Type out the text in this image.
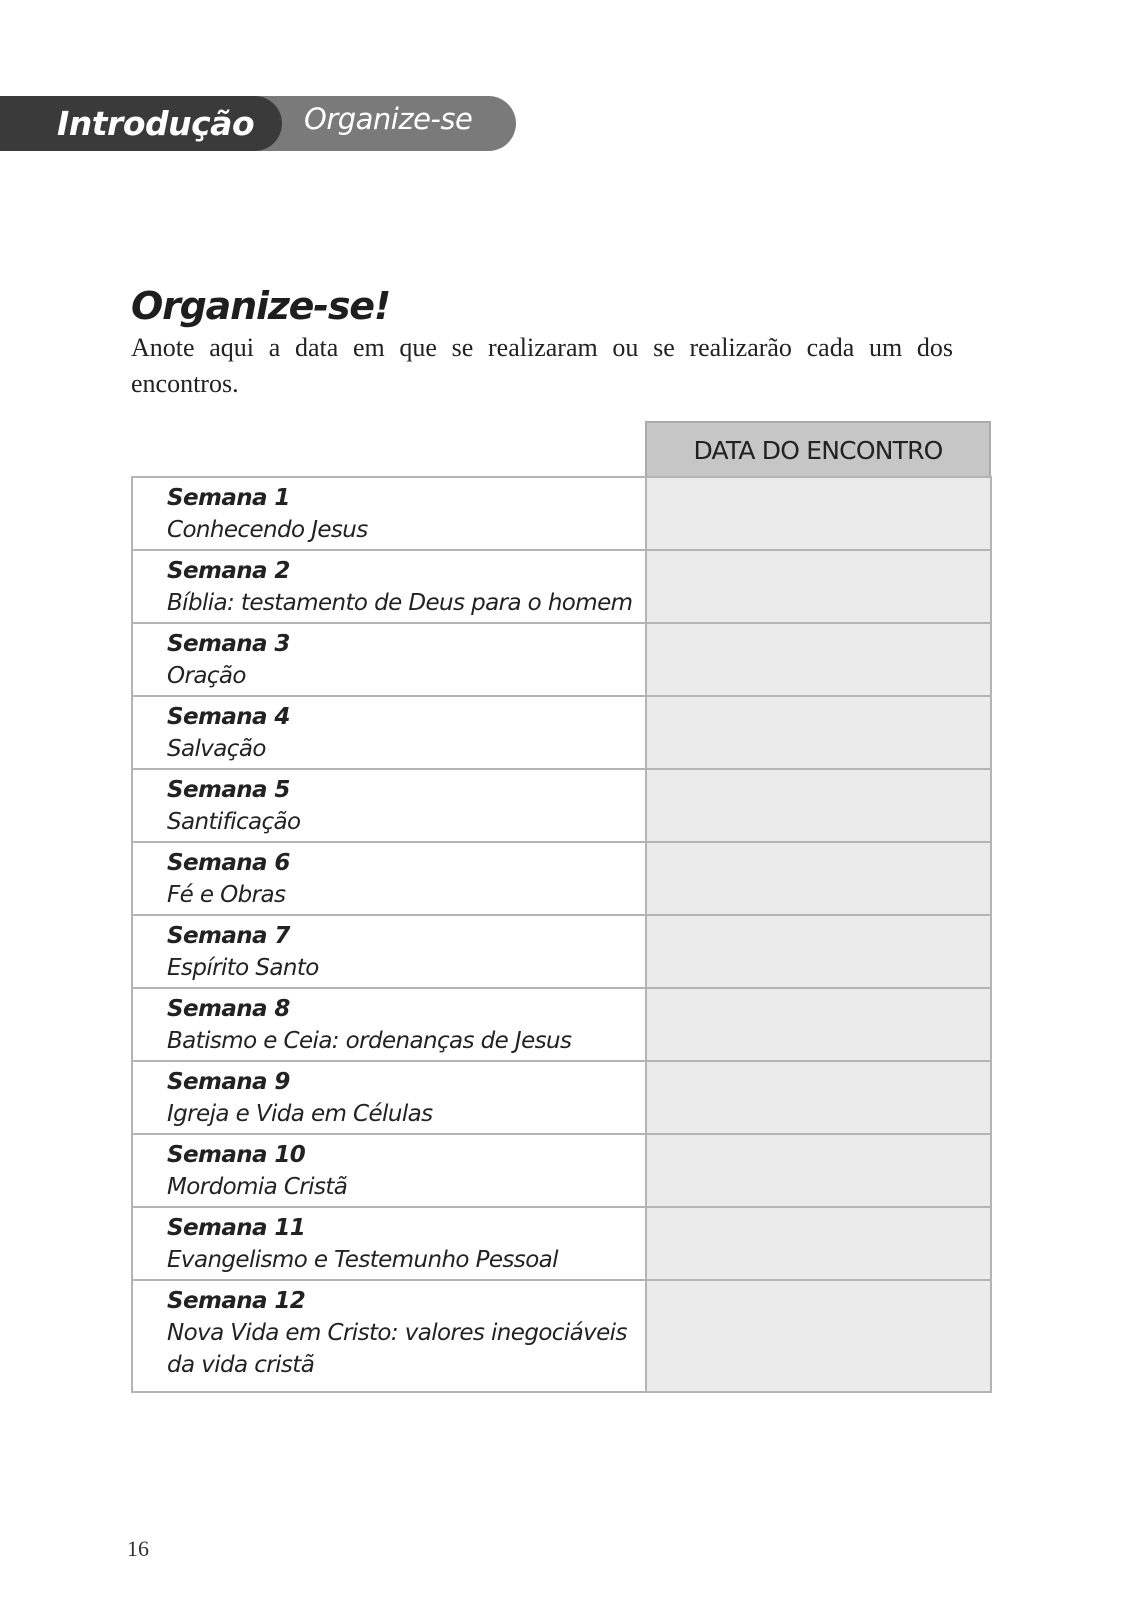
Introdução Organize-se
Organize-se!

Anote aqui a data em que se realizaram ou se realizarão cada um dos encontros.

DATA DO ENCONTRO
Semana 1
Conhecendo Jesus	

Semana 2
Bíblia: testamento de Deus para o homem	

Semana 3
Oração	

Semana 4
Salvação	

Semana 5
Santificação	

Semana 6
Fé e Obras	

Semana 7
Espírito Santo	

Semana 8
Batismo e Ceia: ordenanças de Jesus	

Semana 9
Igreja e Vida em Células	

Semana 10
Mordomia Cristã	

Semana 11
Evangelismo e Testemunho Pessoal	

Semana 12
Nova Vida em Cristo: valores inegociáveis da vida cristã	

16
